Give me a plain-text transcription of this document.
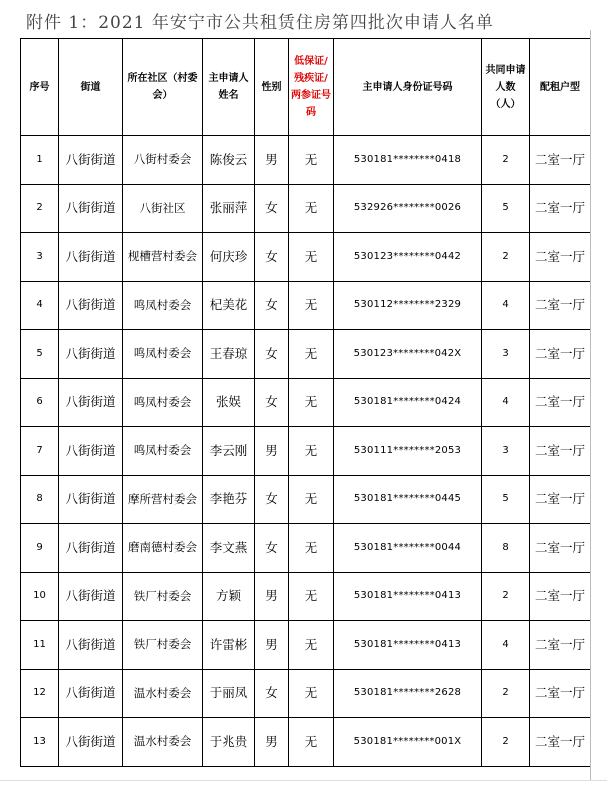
附件 1：2021 年安宁市公共租赁住房第四批次申请人名单
序号	街道	所在社区（村委会）	主申请人姓名	性别	低保证/残疾证/两参证号码	主申请人身份证号码	共同申请人数（人）	配租户型
1	八街街道	八街村委会	陈俊云	男	无	530181********0418	2	二室一厅
2	八街街道	八街社区	张丽萍	女	无	532926********0026	5	二室一厅
3	八街街道	枧槽营村委会	何庆珍	女	无	530123********0442	2	二室一厅
4	八街街道	鸣凤村委会	杞美花	女	无	530112********2329	4	二室一厅
5	八街街道	鸣凤村委会	王春琼	女	无	530123********042X	3	二室一厅
6	八街街道	鸣凤村委会	张娱	女	无	530181********0424	4	二室一厅
7	八街街道	鸣凤村委会	李云刚	男	无	530111********2053	3	二室一厅
8	八街街道	摩所营村委会	李艳芬	女	无	530181********0445	5	二室一厅
9	八街街道	磨南德村委会	李文燕	女	无	530181********0044	8	二室一厅
10	八街街道	铁厂村委会	方颖	男	无	530181********0413	2	二室一厅
11	八街街道	铁厂村委会	许雷彬	男	无	530181********0413	4	二室一厅
12	八街街道	温水村委会	于丽凤	女	无	530181********2628	2	二室一厅
13	八街街道	温水村委会	于兆贵	男	无	530181********001X	2	二室一厅
